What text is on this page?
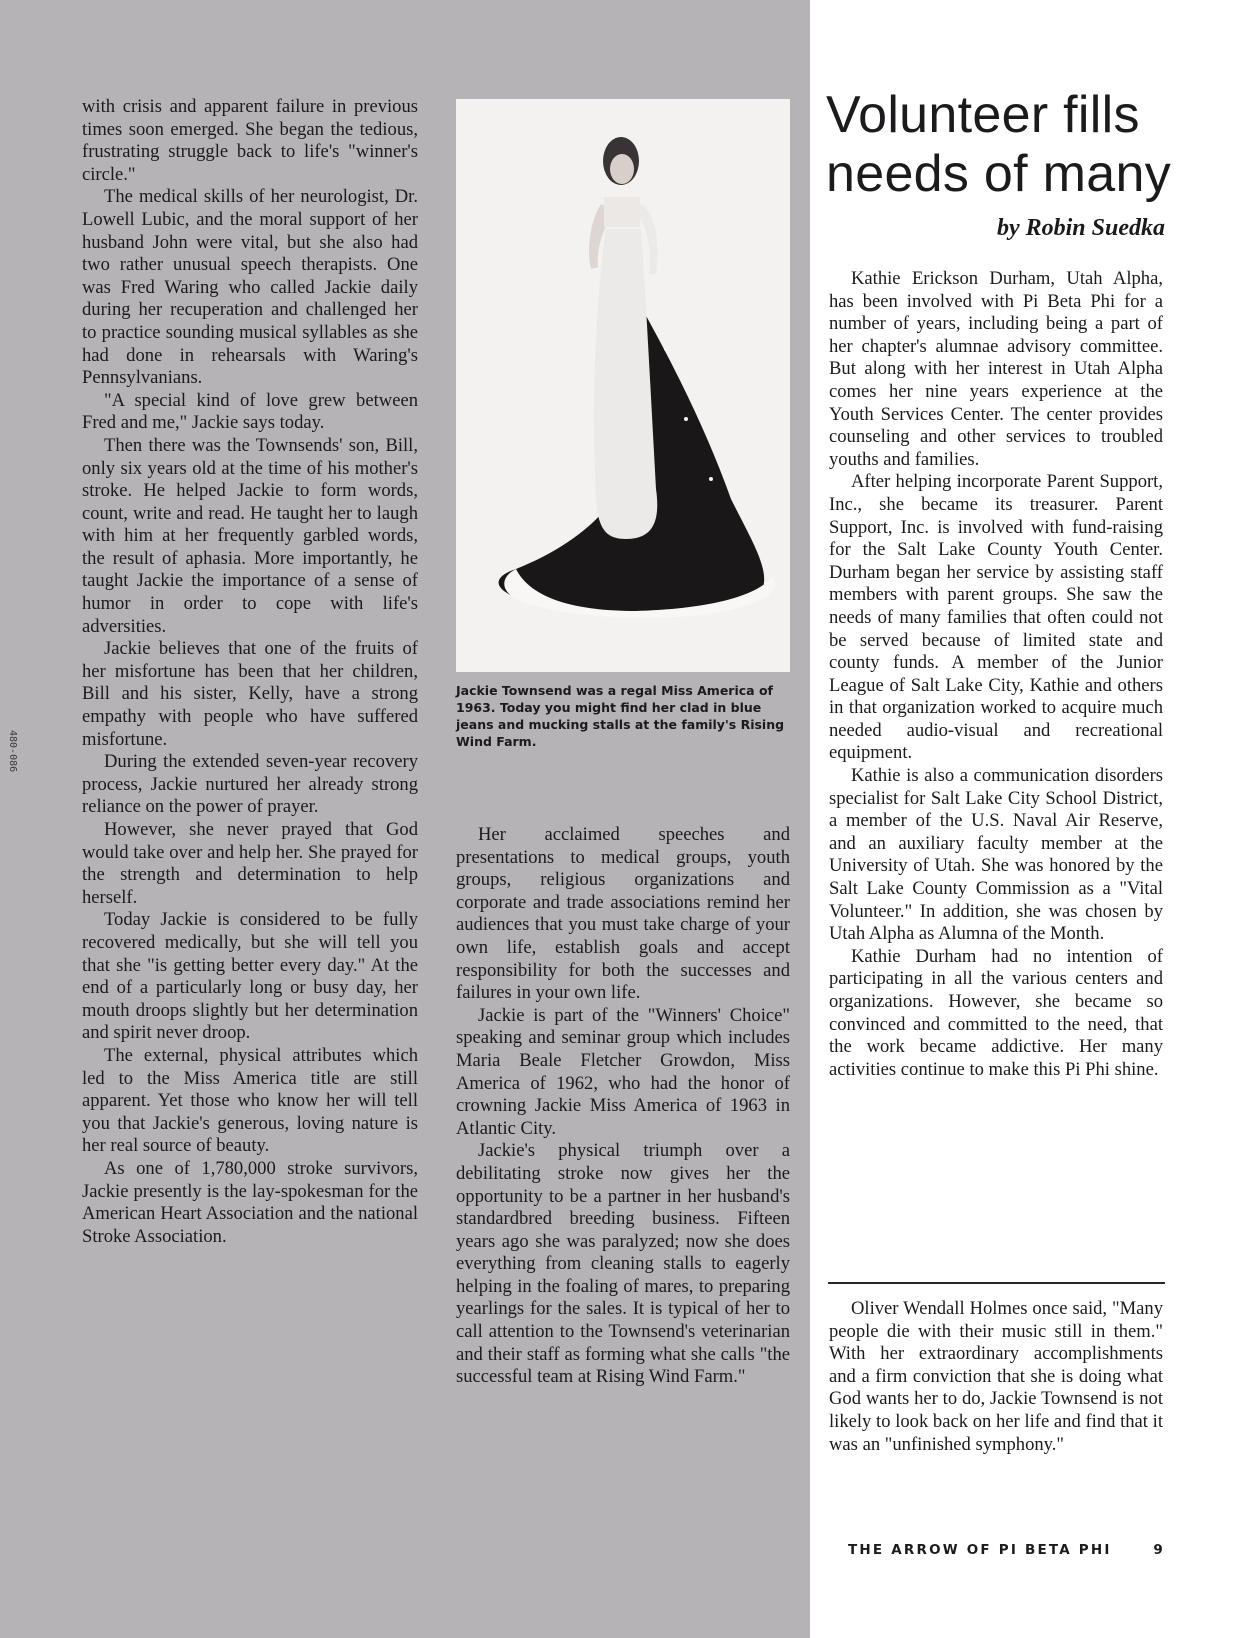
480-086

with crisis and apparent failure in previous times soon emerged. She began the tedious, frustrating struggle back to life's "winner's circle."

The medical skills of her neurologist, Dr. Lowell Lubic, and the moral support of her husband John were vital, but she also had two rather unusual speech therapists. One was Fred Waring who called Jackie daily during her recuperation and challenged her to practice sounding musical syllables as she had done in rehearsals with Waring's Pennsylvanians.

"A special kind of love grew between Fred and me," Jackie says today.

Then there was the Townsends' son, Bill, only six years old at the time of his mother's stroke. He helped Jackie to form words, count, write and read. He taught her to laugh with him at her frequently garbled words, the result of aphasia. More importantly, he taught Jackie the importance of a sense of humor in order to cope with life's adversities.

Jackie believes that one of the fruits of her misfortune has been that her children, Bill and his sister, Kelly, have a strong empathy with people who have suffered misfortune.

During the extended seven-year recovery process, Jackie nurtured her already strong reliance on the power of prayer.

However, she never prayed that God would take over and help her. She prayed for the strength and determination to help herself.

Today Jackie is considered to be fully recovered medically, but she will tell you that she "is getting better every day." At the end of a particularly long or busy day, her mouth droops slightly but her determination and spirit never droop.

The external, physical attributes which led to the Miss America title are still apparent. Yet those who know her will tell you that Jackie's generous, loving nature is her real source of beauty.

As one of 1,780,000 stroke survivors, Jackie presently is the lay-spokesman for the American Heart Association and the national Stroke Association.

Jackie Townsend was a regal Miss America of 1963. Today you might find her clad in blue jeans and mucking stalls at the family's Rising Wind Farm.

Her acclaimed speeches and presentations to medical groups, youth groups, religious organizations and corporate and trade associations remind her audiences that you must take charge of your own life, establish goals and accept responsibility for both the successes and failures in your own life.

Jackie is part of the "Winners' Choice" speaking and seminar group which includes Maria Beale Fletcher Growdon, Miss America of 1962, who had the honor of crowning Jackie Miss America of 1963 in Atlantic City.

Jackie's physical triumph over a debilitating stroke now gives her the opportunity to be a partner in her husband's standardbred breeding business. Fifteen years ago she was paralyzed; now she does everything from cleaning stalls to eagerly helping in the foaling of mares, to preparing yearlings for the sales. It is typical of her to call attention to the Townsend's veterinarian and their staff as forming what she calls "the successful team at Rising Wind Farm."

Volunteer fills needs of many
by Robin Suedka

Kathie Erickson Durham, Utah Alpha, has been involved with Pi Beta Phi for a number of years, including being a part of her chapter's alumnae advisory committee. But along with her interest in Utah Alpha comes her nine years experience at the Youth Services Center. The center provides counseling and other services to troubled youths and families.

After helping incorporate Parent Support, Inc., she became its treasurer. Parent Support, Inc. is involved with fund-raising for the Salt Lake County Youth Center. Durham began her service by assisting staff members with parent groups. She saw the needs of many families that often could not be served because of limited state and county funds. A member of the Junior League of Salt Lake City, Kathie and others in that organization worked to acquire much needed audio-visual and recreational equipment.

Kathie is also a communication disorders specialist for Salt Lake City School District, a member of the U.S. Naval Air Reserve, and an auxiliary faculty member at the University of Utah. She was honored by the Salt Lake County Commission as a "Vital Volunteer." In addition, she was chosen by Utah Alpha as Alumna of the Month.

Kathie Durham had no intention of participating in all the various centers and organizations. However, she became so convinced and committed to the need, that the work became addictive. Her many activities continue to make this Pi Phi shine.

Oliver Wendall Holmes once said, "Many people die with their music still in them." With her extraordinary accomplishments and a firm conviction that she is doing what God wants her to do, Jackie Townsend is not likely to look back on her life and find that it was an "unfinished symphony."

THE ARROW OF PI BETA PHI	9
